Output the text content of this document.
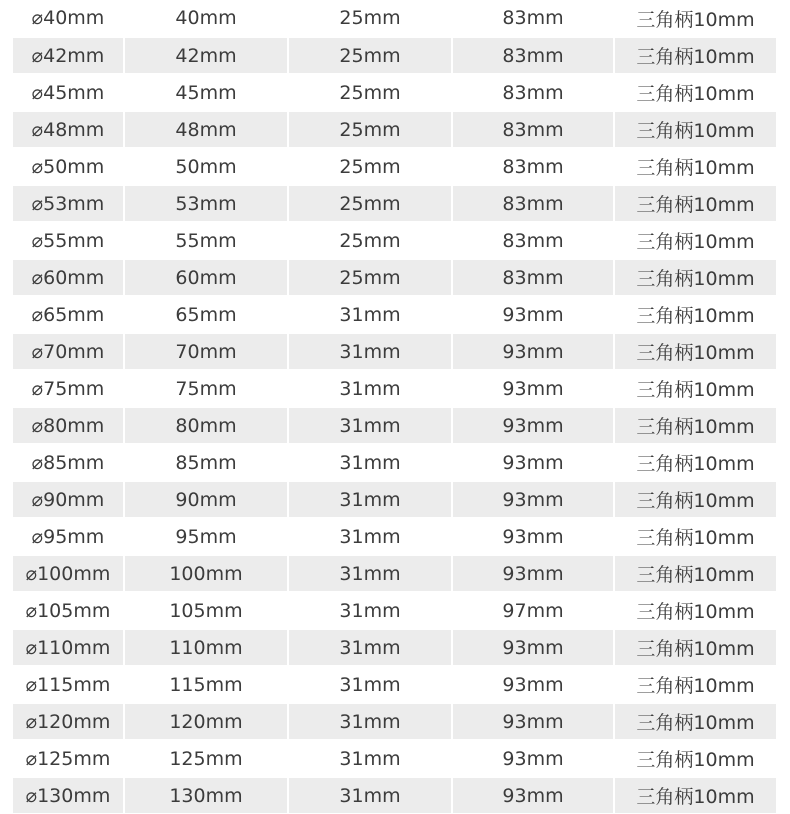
⌀40mm	40mm	25mm	83mm	三角柄10mm
⌀42mm	42mm	25mm	83mm	三角柄10mm
⌀45mm	45mm	25mm	83mm	三角柄10mm
⌀48mm	48mm	25mm	83mm	三角柄10mm
⌀50mm	50mm	25mm	83mm	三角柄10mm
⌀53mm	53mm	25mm	83mm	三角柄10mm
⌀55mm	55mm	25mm	83mm	三角柄10mm
⌀60mm	60mm	25mm	83mm	三角柄10mm
⌀65mm	65mm	31mm	93mm	三角柄10mm
⌀70mm	70mm	31mm	93mm	三角柄10mm
⌀75mm	75mm	31mm	93mm	三角柄10mm
⌀80mm	80mm	31mm	93mm	三角柄10mm
⌀85mm	85mm	31mm	93mm	三角柄10mm
⌀90mm	90mm	31mm	93mm	三角柄10mm
⌀95mm	95mm	31mm	93mm	三角柄10mm
⌀100mm	100mm	31mm	93mm	三角柄10mm
⌀105mm	105mm	31mm	97mm	三角柄10mm
⌀110mm	110mm	31mm	93mm	三角柄10mm
⌀115mm	115mm	31mm	93mm	三角柄10mm
⌀120mm	120mm	31mm	93mm	三角柄10mm
⌀125mm	125mm	31mm	93mm	三角柄10mm
⌀130mm	130mm	31mm	93mm	三角柄10mm
